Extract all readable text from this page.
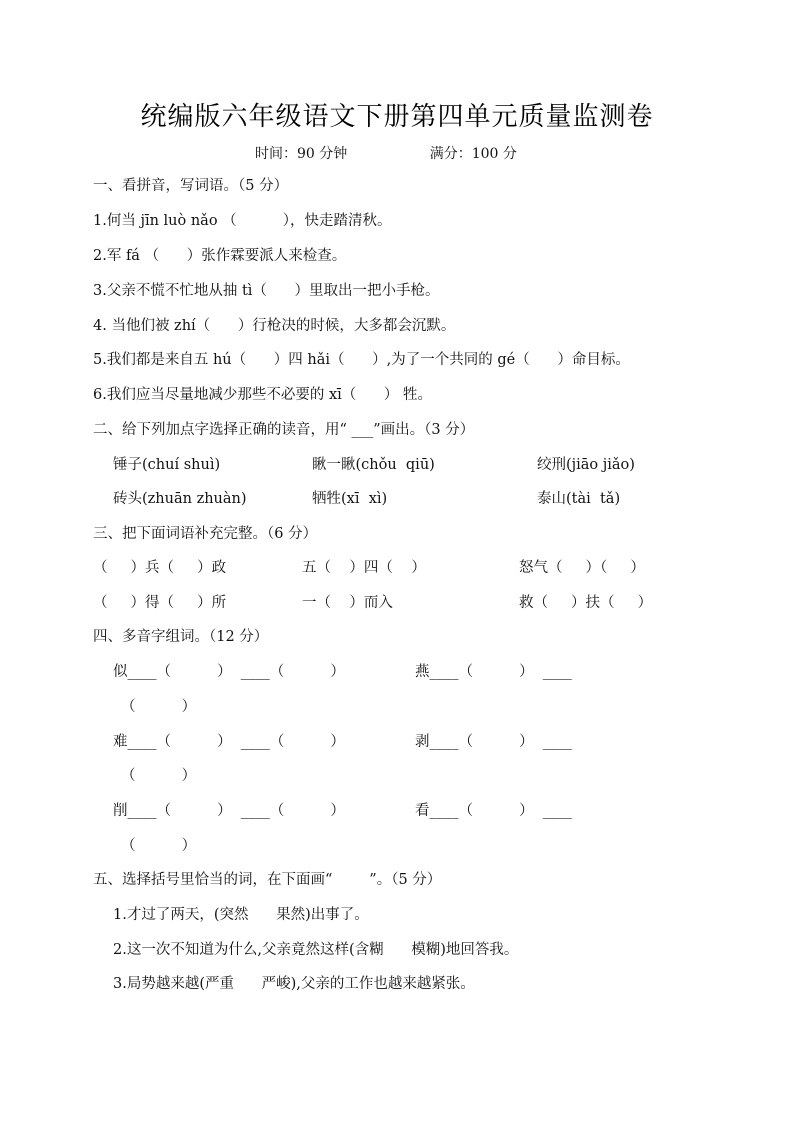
统编版六年级语文下册第四单元质量监测卷
时间：90 分钟	满分：100 分
一、看拼音，写词语。（5 分）
1.何当 jīn luò nǎo （          ），快走踏清秋。
2.军 fá （      ）张作霖要派人来检查。
3.父亲不慌不忙地从抽 tì（      ）里取出一把小手枪。
4. 当他们被 zhí（      ）行枪决的时候，大多都会沉默。
5.我们都是来自五 hú（      ）四 hǎi（      ）,为了一个共同的 gé（      ）命目标。
6.我们应当尽量地减少那些不必要的 xī（      ） 牲。
二、给下列加点字选择正确的读音，用“ ___”画出。（3 分）
锤子(chuí shuì)	瞅一瞅(chǒu  qiū)	绞刑(jiāo jiǎo)
砖头(zhuān zhuàn)	牺牲(xī  xì)	泰山(tài  tǎ)
三、把下面词语补充完整。（6 分）
（     ）兵（     ）政	五（    ）四（    ）	怒气（     ）（     ）
（     ）得（     ）所	一（    ）而入	救（     ）扶（     ）
四、多音字组词。（12 分）
似____（          ）  ____（          ）	燕____（          ）  ____
（          ）
难____（          ）  ____（          ）	剥____（          ）  ____
（          ）
削____（          ）  ____（          ）	看____（          ）  ____
（          ）
五、选择括号里恰当的词，在下面画“        ”。（5 分）
1.才过了两天，(突然      果然)出事了。
2.这一次不知道为什么,父亲竟然这样(含糊      模糊)地回答我。
3.局势越来越(严重      严峻),父亲的工作也越来越紧张。
